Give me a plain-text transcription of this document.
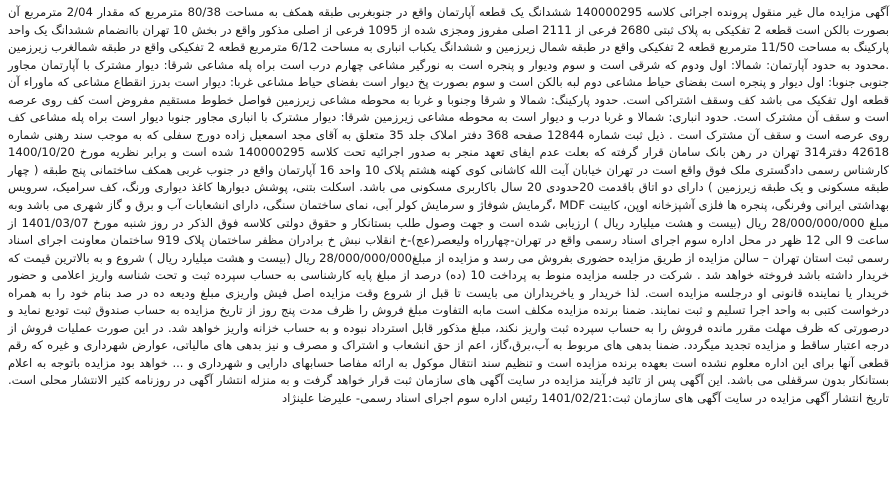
آگهی مزایده مال غیر منقول پرونده اجرائی کلاسه 140000295 ششدانگ یک قطعه آپارتمان واقع در جنوبغربی طبقه همکف به مساحت 80/38 مترمربع که مقدار 2/04 مترمربع آن بصورت بالکن است قطعه 2 تفکیکی به پلاک ثبتی 2680 فرعی از 2111 اصلی مفروز ومجزی شده از 1095 فرعی از اصلی مذکور واقع در بخش 10 تهران باانضمام ششدانگ یک واحد پارکینگ به مساحت 11/50 مترمربع قطعه 2 تفکیکی واقع در طبقه شمال زیرزمین و ششدانگ یکباب انباری به مساحت 6/12 مترمربع قطعه 2 تفکیکی واقع در طبقه شمالغرب زیرزمین .محدود به حدود آپارتمان: شمالا: اول ودوم که شرقی است و سوم ودیوار و پنجره است به نورگیر مشاعی چهارم درب است براه پله مشاعی شرقا: دیوار مشترک با آپارتمان مجاور جنوبی جنوبا: اول دیوار و پنجره است بفضای حیاط مشاعی دوم لبه بالکن است و سوم بصورت پخ دیوار است بفضای حیاط مشاعی غربا: دیوار است بدرز انقطاع مشاعی که ماوراء آن قطعه اول تفکیک می باشد کف وسقف اشتراکی است. حدود پارکینگ: شمالا و شرقا وجنوبا و غربا به محوطه مشاعی زیرزمین فواصل خطوط مستقیم مفروض است کف روی عرصه است و سقف آن مشترک است. حدود انباری: شمالا و غربا درب و دیوار است به محوطه مشاعی زیرزمین شرقا: دیوار مشترک با انباری مجاور جنوبا دیوار است براه پله مشاعی کف روی عرصه است و سقف آن مشترک است . ذیل ثبت شماره 12844 صفحه 368 دفتر املاک جلد 35 متعلق به آقای مجد اسمعیل زاده دورج سفلی که به موجب سند رهنی شماره 42618 دفتر314 تهران در رهن بانک سامان قرار گرفته که بعلت عدم ایفای تعهد منجر به صدور اجرائیه تحت کلاسه 140000295 شده است و برابر نظریه مورخ 1400/10/20 کارشناس رسمی دادگستری ملک فوق واقع است در تهران خیابان آیت الله کاشانی کوی کهنه هشتم پلاک 10 واحد 16 آپارتمان واقع در جنوب غربی همکف ساختمانی پنج طبقه ( چهار طبقه مسکونی و یک طبقه زیرزمین ) دارای دو اتاق باقدمت 20حدودی 20 سال باکاربری مسکونی می باشد. اسکلت بتنی، پوشش دیوارها کاغذ دیواری ورنگ، کف سرامیک، سرویس بهداشتی ایرانی وفرنگی، پنجره ها فلزی آشپزخانه اوپن، کابینت MDF ،گرمایش شوفاژ و سرمایش کولر آبی، نمای ساختمان سنگی، دارای انشعابات آب و برق و گاز شهری می باشد وبه مبلغ 28/000/000/000 ریال (بیست و هشت میلیارد ریال ) ارزیابی شده است و جهت وصول طلب بستانکار و حقوق دولتی کلاسه فوق الذکر در روز شنبه مورخ 1401/03/07 از ساعت 9 الی 12 ظهر در محل اداره سوم اجرای اسناد رسمی واقع در تهران-چهارراه ولیعصر(عج)-خ انقلاب نبش خ برادران مظفر ساختمان پلاک 919 ساختمان معاونت اجرای اسناد رسمی ثبت استان تهران – سالن مزایده از طریق مزایده حضوری بفروش می رسد و مزایده از مبلغ28/000/000/000 ریال (بیست و هشت میلیارد ریال ) شروع و به بالاترین قیمت که خریدار داشته باشد فروخته خواهد شد . شرکت در جلسه مزایده منوط به پرداخت 10 (ده) درصد از مبلغ پایه کارشناسی به حساب سپرده ثبت و تحت شناسه واریز اعلامی و حضور خریدار یا نماینده قانونی او درجلسه مزایده است. لذا خریدار و یاخریداران می بایست تا قبل از شروع وقت مزایده اصل فیش واریزی مبلغ ودیعه ده در صد بنام خود را به همراه درخواست کتبی به واحد اجرا تسلیم و ثبت نمایند. ضمنا برنده مزایده مکلف است مابه التفاوت مبلغ فروش را ظرف مدت پنج روز از تاریخ مزایده به حساب صندوق ثبت تودیع نماید و درصورتی که ظرف مهلت مقرر مانده فروش را به حساب سپرده ثبت واریز نکند، مبلغ مذکور قابل استرداد نبوده و به حساب خزانه واریز خواهد شد. در این صورت عملیات فروش از درجه اعتبار ساقط و مزایده تجدید میگردد. ضمنا بدهی های مربوط به آب،برق،گاز، اعم از حق انشعاب و اشتراک و مصرف و نیز بدهی های مالیاتی، عوارض شهرداری و غیره که رقم قطعی آنها برای این اداره معلوم نشده است بعهده برنده مزایده است و تنظیم سند انتقال موکول به ارائه مفاصا حسابهای دارایی و شهرداری و ... خواهد بود مزایده باتوجه به اعلام بستانکار بدون سرقفلی می باشد. این آگهی پس از تائید فرآیند مزایده در سایت آگهی های سازمان ثبت قرار خواهد گرفت و به منزله انتشار آگهی در روزنامه کثیر الانتشار محلی است. تاریخ انتشار آگهی مزایده در سایت آگهی های سازمان ثبت:1401/02/21 رئیس اداره سوم اجرای اسناد رسمی- علیرضا علینژاد
